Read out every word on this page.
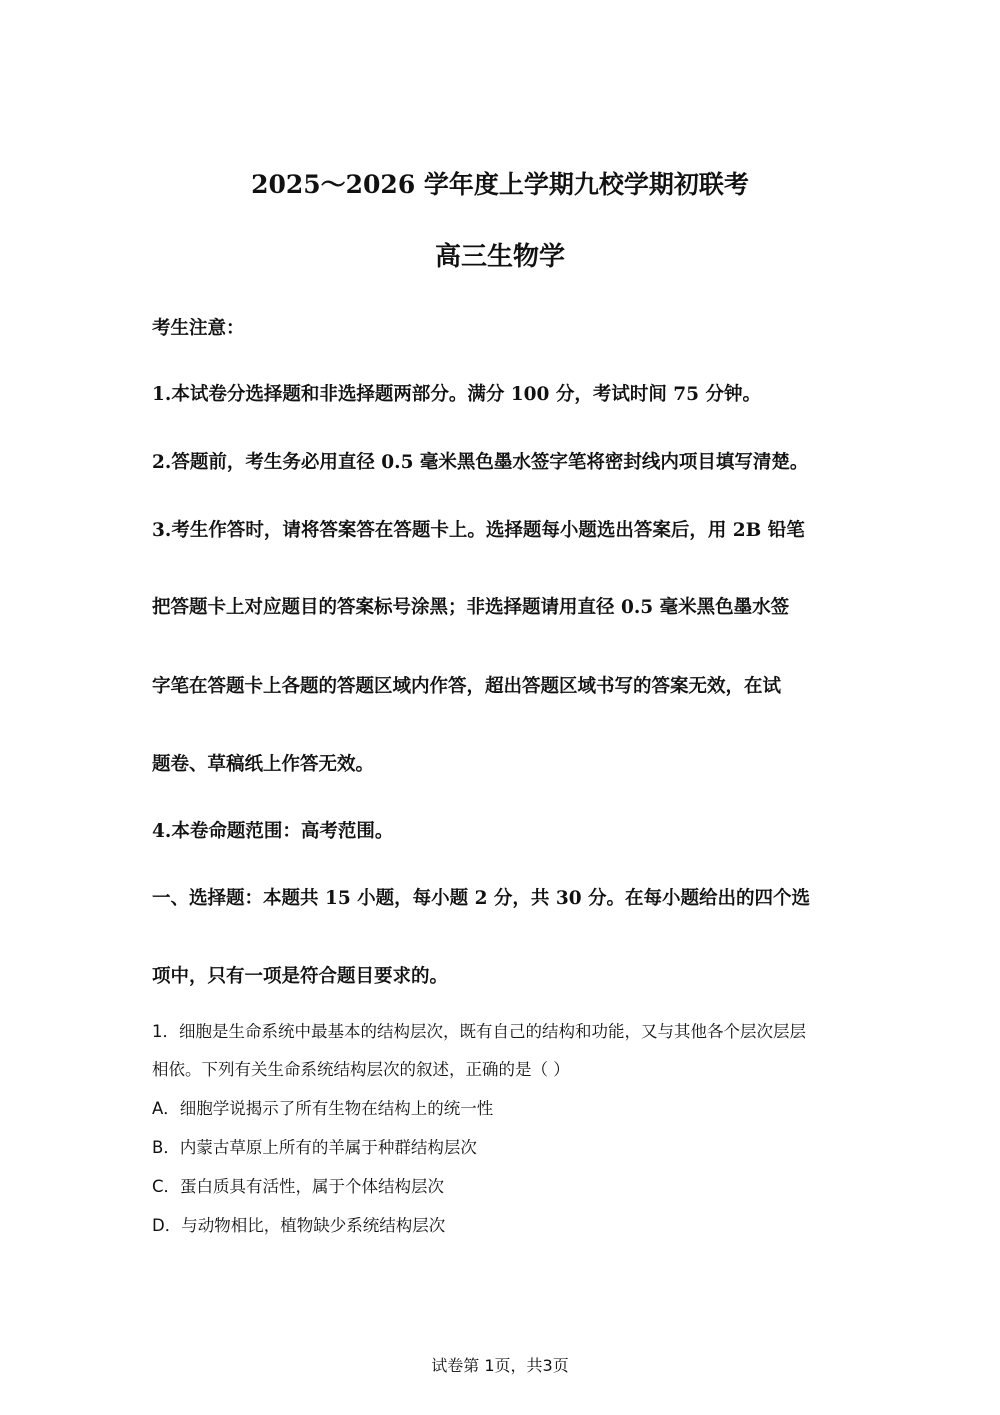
2025～2026 学年度上学期九校学期初联考
高三生物学
考生注意：
1.本试卷分选择题和非选择题两部分。满分 100 分，考试时间 75 分钟。
2.答题前，考生务必用直径 0.5 毫米黑色墨水签字笔将密封线内项目填写清楚。
3.考生作答时，请将答案答在答题卡上。选择题每小题选出答案后，用 2B 铅笔
把答题卡上对应题目的答案标号涂黑；非选择题请用直径 0.5 毫米黑色墨水签
字笔在答题卡上各题的答题区域内作答，超出答题区域书写的答案无效，在试
题卷、草稿纸上作答无效。
4.本卷命题范围：高考范围。
一、选择题：本题共 15 小题，每小题 2 分，共 30 分。在每小题给出的四个选
项中，只有一项是符合题目要求的。
1．细胞是生命系统中最基本的结构层次，既有自己的结构和功能，又与其他各个层次层层
相依。下列有关生命系统结构层次的叙述，正确的是（ ）
A．细胞学说揭示了所有生物在结构上的统一性
B．内蒙古草原上所有的羊属于种群结构层次
C．蛋白质具有活性，属于个体结构层次
D．与动物相比，植物缺少系统结构层次
试卷第 1页，共3页
